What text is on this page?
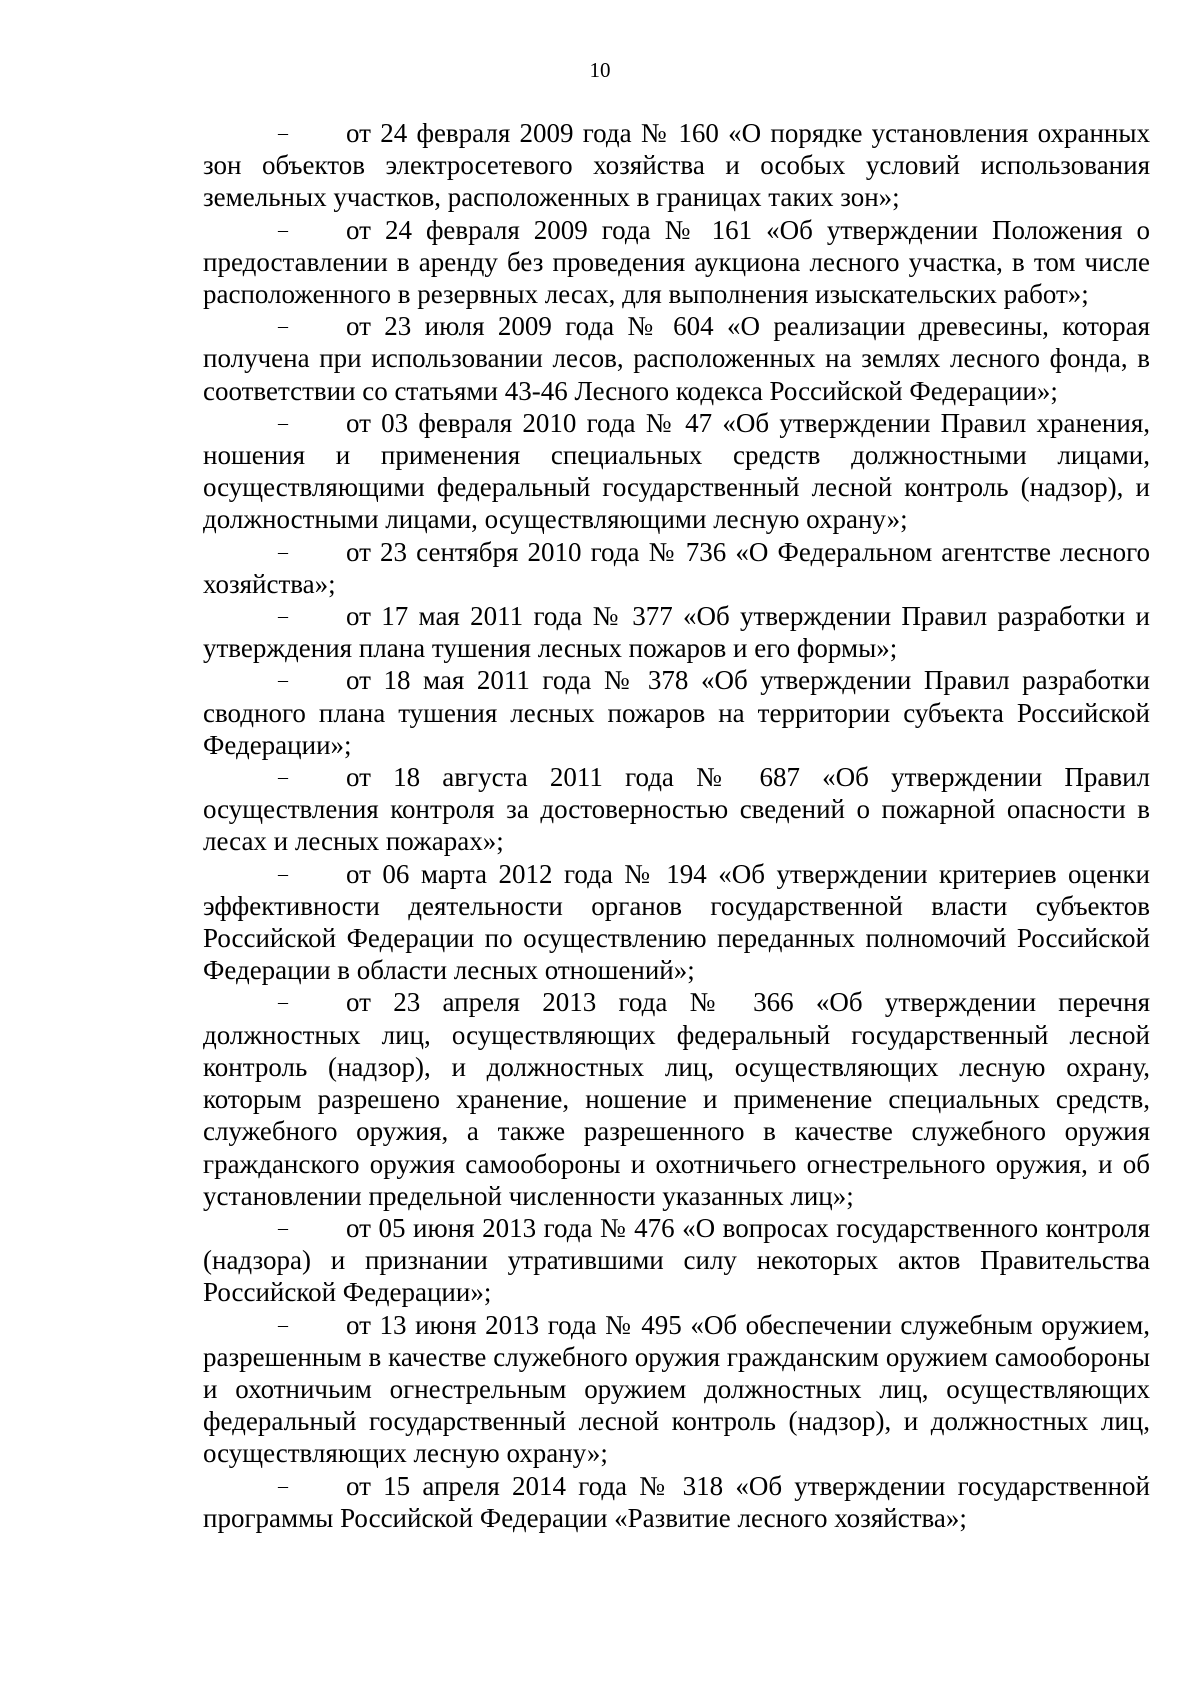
10

– от 24 февраля 2009 года № 160 «О порядке установления охранных зон объектов электросетевого хозяйства и особых условий использования земельных участков, расположенных в границах таких зон»;

– от 24 февраля 2009 года № 161 «Об утверждении Положения о предоставлении в аренду без проведения аукциона лесного участка, в том числе расположенного в резервных лесах, для выполнения изыскательских работ»;

– от 23 июля 2009 года № 604 «О реализации древесины, которая получена при использовании лесов, расположенных на землях лесного фонда, в соответствии со статьями 43-46 Лесного кодекса Российской Федерации»;

– от 03 февраля 2010 года № 47 «Об утверждении Правил хранения, ношения и применения специальных средств должностными лицами, осуществляющими федеральный государственный лесной контроль (надзор), и должностными лицами, осуществляющими лесную охрану»;

– от 23 сентября 2010 года № 736 «О Федеральном агентстве лесного хозяйства»;

– от 17 мая 2011 года № 377 «Об утверждении Правил разработки и утверждения плана тушения лесных пожаров и его формы»;

– от 18 мая 2011 года № 378 «Об утверждении Правил разработки сводного плана тушения лесных пожаров на территории субъекта Российской Федерации»;

– от 18 августа 2011 года № 687 «Об утверждении Правил осуществления контроля за достоверностью сведений о пожарной опасности в лесах и лесных пожарах»;

– от 06 марта 2012 года № 194 «Об утверждении критериев оценки эффективности деятельности органов государственной власти субъектов Российской Федерации по осуществлению переданных полномочий Российской Федерации в области лесных отношений»;

– от 23 апреля 2013 года № 366 «Об утверждении перечня должностных лиц, осуществляющих федеральный государственный лесной контроль (надзор), и должностных лиц, осуществляющих лесную охрану, которым разрешено хранение, ношение и применение специальных средств, служебного оружия, а также разрешенного в качестве служебного оружия гражданского оружия самообороны и охотничьего огнестрельного оружия, и об установлении предельной численности указанных лиц»;

– от 05 июня 2013 года № 476 «О вопросах государственного контроля (надзора) и признании утратившими силу некоторых актов Правительства Российской Федерации»;

– от 13 июня 2013 года № 495 «Об обеспечении служебным оружием, разрешенным в качестве служебного оружия гражданским оружием самообороны и охотничьим огнестрельным оружием должностных лиц, осуществляющих федеральный государственный лесной контроль (надзор), и должностных лиц, осуществляющих лесную охрану»;

– от 15 апреля 2014 года № 318 «Об утверждении государственной программы Российской Федерации «Развитие лесного хозяйства»;
